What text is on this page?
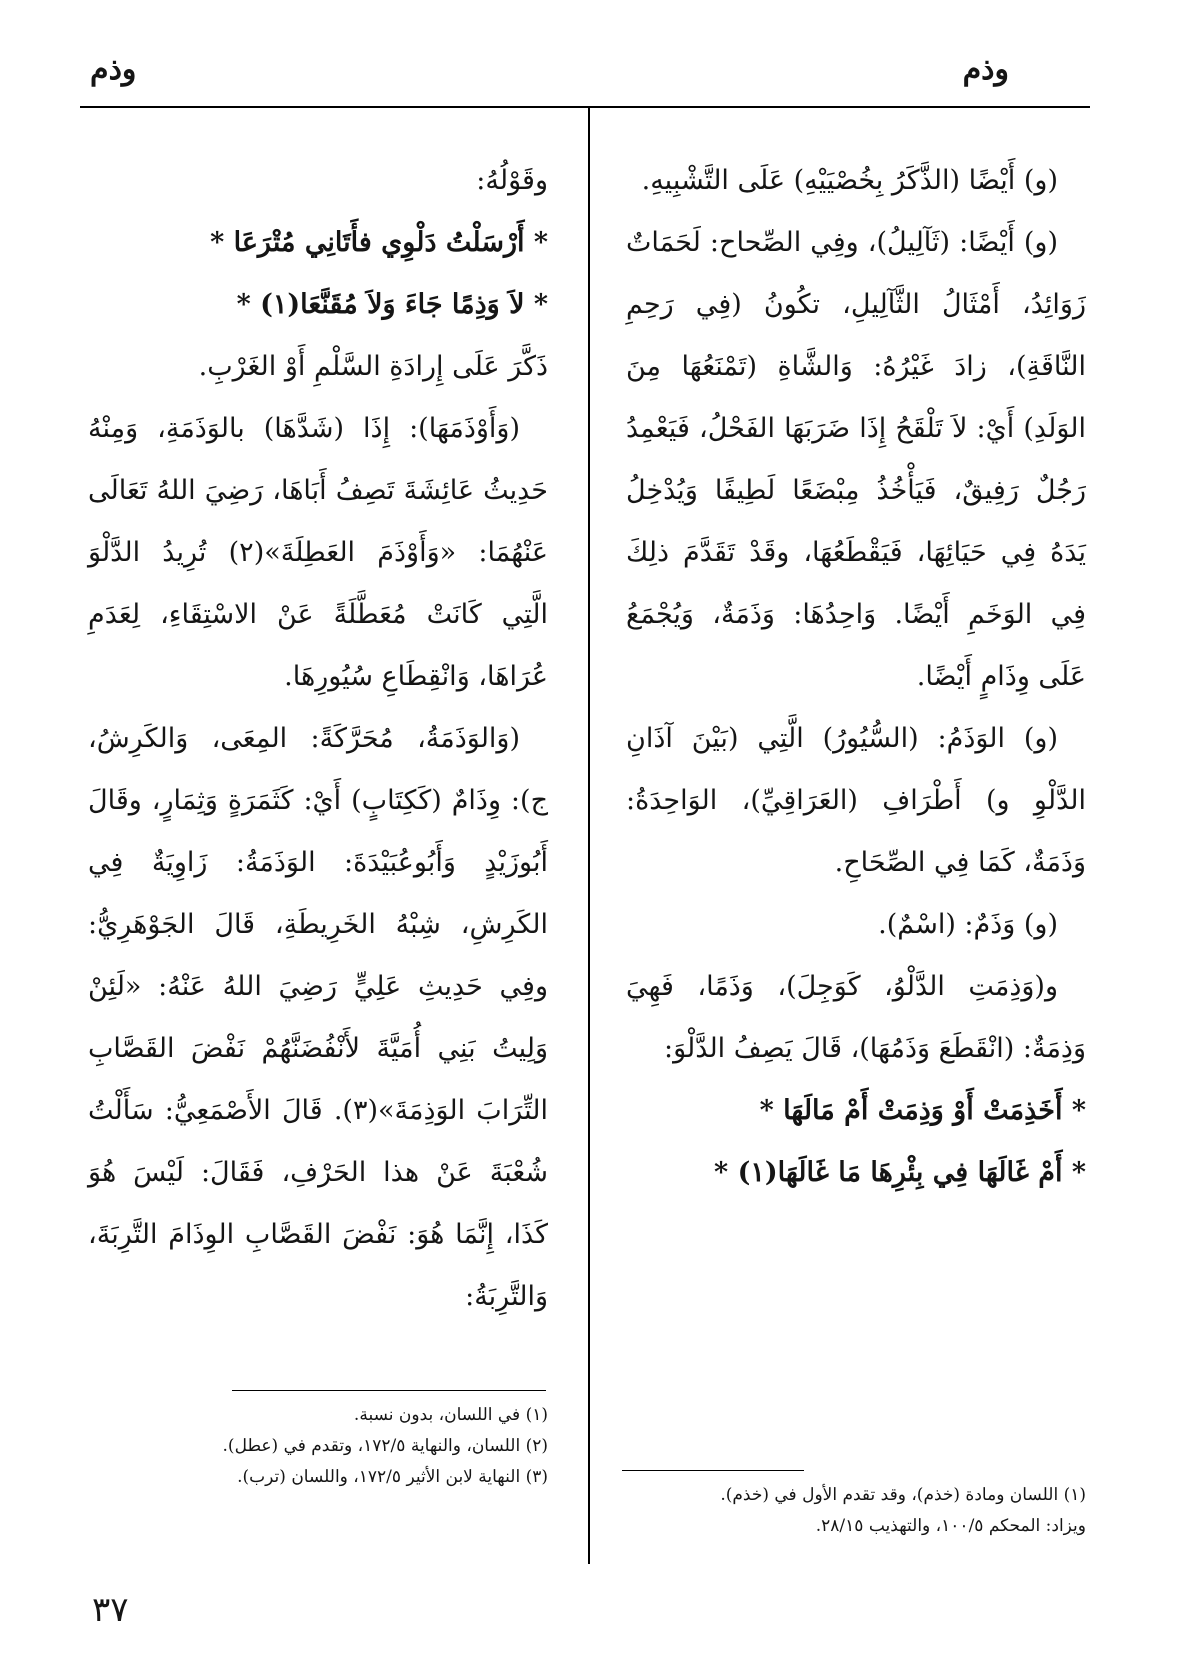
وذم
وذم

(و) أَيْضًا (الذَّكَرُ بِخُصْيَيْهِ) عَلَى التَّشْبِيهِ.

(و) أَيْضًا: (ثَآلِيلُ)، وفِي الصِّحاح: لَحَمَاتٌ زَوَائِدُ، أَمْثَالُ الثَّآلِيلِ، تكُونُ (فِي رَحِمِ النَّاقَةِ)، زادَ غَيْرُهُ: وَالشَّاةِ (تَمْنَعُهَا مِنَ الوَلَدِ) أَيْ: لاَ تَلْقَحُ إِذَا ضَرَبَهَا الفَحْلُ، فَيَعْمِدُ رَجُلٌ رَفِيقٌ، فَيَأْخُذُ مِبْضَعًا لَطِيفًا وَيُدْخِلُ يَدَهُ فِي حَيَائِهَا، فَيَقْطَعُهَا، وقَدْ تَقَدَّمَ ذلِكَ فِي الوَخَمِ أَيْضًا. وَاحِدُهَا: وَذَمَةٌ، وَيُجْمَعُ عَلَى وِذَامٍ أَيْضًا.

(و) الوَذَمُ: (السُّيُورُ) الَّتِي (بَيْنَ آذَانِ الدَّلْوِ و) أَطْرَافِ (العَرَاقِيِّ)، الوَاحِدَةُ: وَذَمَةٌ، كَمَا فِي الصِّحَاحِ.

(و) وَذَمٌ: (اسْمٌ).

و(وَذِمَتِ الدَّلْوُ، كَوَجِلَ)، وَذَمًا، فَهِيَ وَذِمَةٌ: (انْقَطَعَ وَذَمُهَا)، قَالَ يَصِفُ الدَّلْوَ:

* أَخَذِمَتْ أَوْ وَذِمَتْ أَمْ مَالَهَا *

* أَمْ غَالَهَا فِي بِئْرِهَا مَا غَالَهَا(١) *

وقَوْلُهُ:

* أَرْسَلْتُ دَلْوِي فأَتَانِي مُتْرَعَا *

* لاَ وَذِمًا جَاءَ وَلاَ مُقَنَّعَا(١) *

ذَكَّرَ عَلَى إِرادَةِ السَّلْمِ أَوْ الغَرْبِ.

(وَأَوْذَمَهَا): إِذَا (شَدَّهَا) بالوَذَمَةِ، وَمِنْهُ حَدِيثُ عَائِشَةَ تَصِفُ أَبَاهَا، رَضِيَ اللهُ تَعَالَى عَنْهُمَا: «وَأَوْذَمَ العَطِلَةَ»(٢) تُرِيدُ الدَّلْوَ الَّتِي كَانَتْ مُعَطَّلَةً عَنْ الاسْتِقَاءِ، لِعَدَمِ عُرَاهَا، وَانْقِطَاعِ سُيُورِهَا.

(وَالوَذَمَةُ، مُحَرَّكَةً: المِعَى، وَالكَرِشُ، ج): وِذَامٌ (كَكِتَابٍ) أَيْ: كَثَمَرَةٍ وَثِمَارٍ، وقَالَ أَبُوزَيْدٍ وَأَبُوعُبَيْدَةَ: الوَذَمَةُ: زَاوِيَةٌ فِي الكَرِشِ، شِبْهُ الخَرِيطَةِ، قَالَ الجَوْهَرِيُّ: وفِي حَدِيثِ عَلِيٍّ رَضِيَ اللهُ عَنْهُ: «لَئِنْ وَلِيتُ بَنِي أُمَيَّةَ لأَنْفُضَنَّهُمْ نَفْضَ القَصَّابِ التِّرَابَ الوَذِمَةَ»(٣). قَالَ الأَصْمَعِيُّ: سَأَلْتُ شُعْبَةَ عَنْ هذا الحَرْفِ، فَقَالَ: لَيْسَ هُوَ كَذَا، إِنَّمَا هُوَ: نَفْضَ القَصَّابِ الوِذَامَ التَّرِبَةَ، وَالتَّرِبَةُ:

(١) اللسان ومادة (خذم)، وقد تقدم الأول في (خذم).
ويزاد: المحكم ١٠٠/٥، والتهذيب ٢٨/١٥.
(١) في اللسان، بدون نسبة.
(٢) اللسان، والنهاية ١٧٢/٥، وتقدم في (عطل).
(٣) النهاية لابن الأثير ١٧٢/٥، واللسان (ترب).
٣٧
